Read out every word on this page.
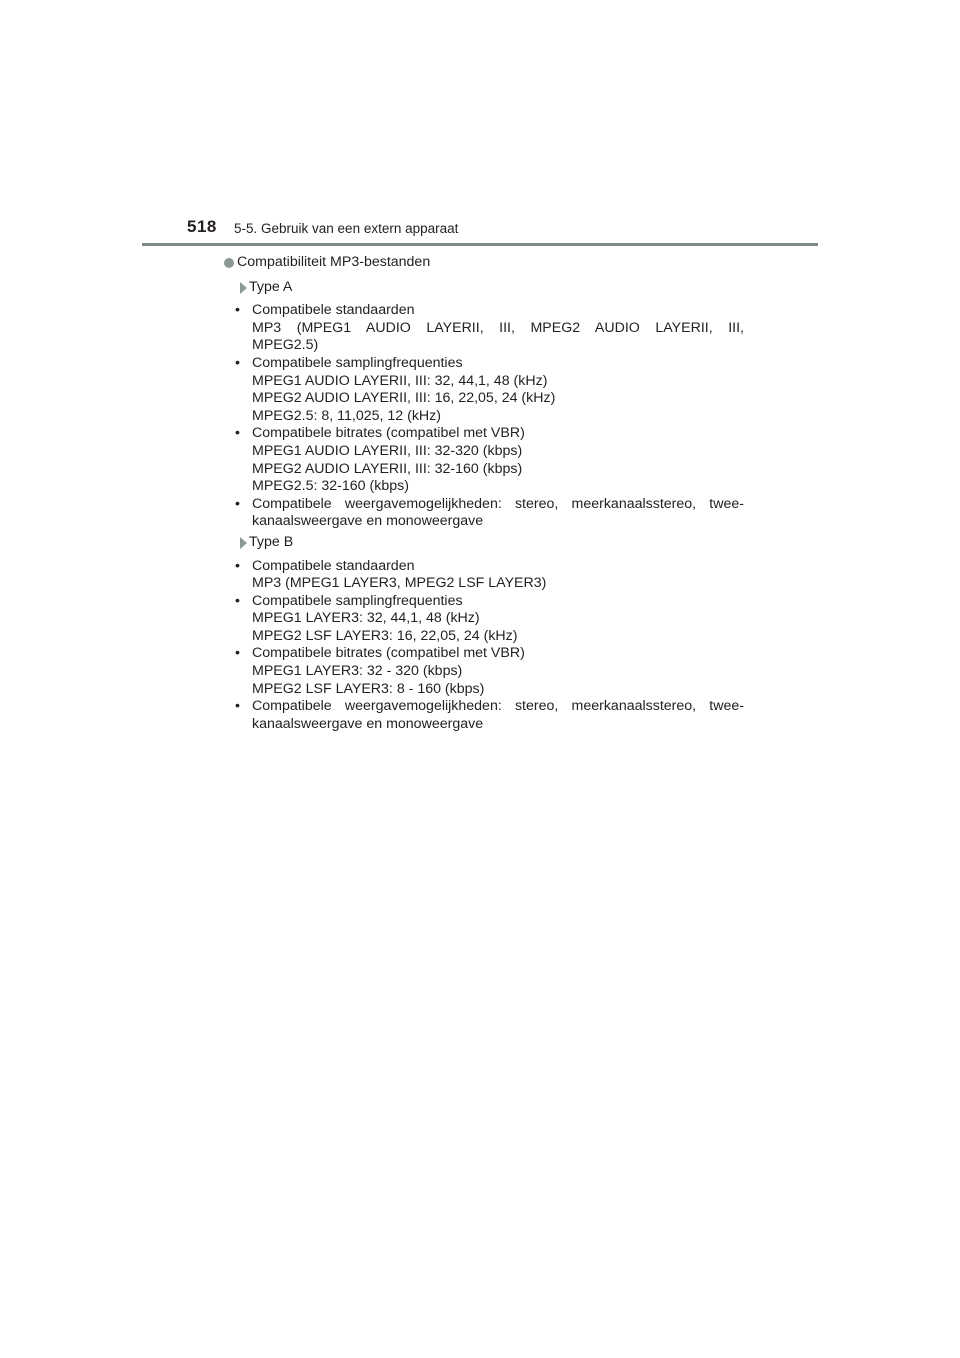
518 5-5. Gebruik van een extern apparaat
Compatibiliteit MP3-bestanden
Type A
• Compatibele standaarden
MP3 (MPEG1 AUDIO LAYERII, III, MPEG2 AUDIO LAYERII, III,
MPEG2.5)
• Compatibele samplingfrequenties
MPEG1 AUDIO LAYERII, III: 32, 44,1, 48 (kHz)
MPEG2 AUDIO LAYERII, III: 16, 22,05, 24 (kHz)
MPEG2.5: 8, 11,025, 12 (kHz)
• Compatibele bitrates (compatibel met VBR)
MPEG1 AUDIO LAYERII, III: 32-320 (kbps)
MPEG2 AUDIO LAYERII, III: 32-160 (kbps)
MPEG2.5: 32-160 (kbps)
• Compatibele weergavemogelijkheden: stereo, meerkanaalsstereo, twee-
kanaalsweergave en monoweergave
Type B
• Compatibele standaarden
MP3 (MPEG1 LAYER3, MPEG2 LSF LAYER3)
• Compatibele samplingfrequenties
MPEG1 LAYER3: 32, 44,1, 48 (kHz)
MPEG2 LSF LAYER3: 16, 22,05, 24 (kHz)
• Compatibele bitrates (compatibel met VBR)
MPEG1 LAYER3: 32 - 320 (kbps)
MPEG2 LSF LAYER3: 8 - 160 (kbps)
• Compatibele weergavemogelijkheden: stereo, meerkanaalsstereo, twee-
kanaalsweergave en monoweergave
